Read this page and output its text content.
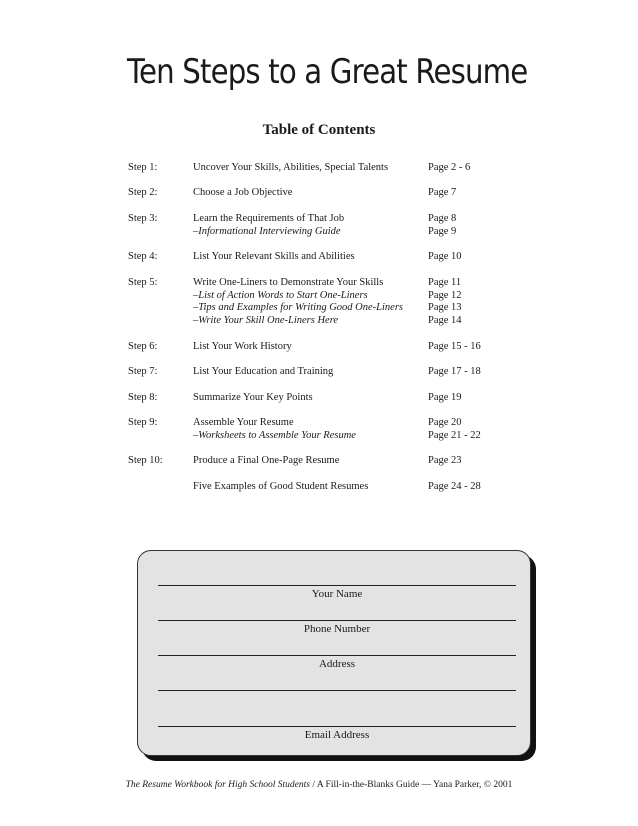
Ten Steps to a Great Resume
Table of Contents
Step 1:	Uncover Your Skills, Abilities, Special Talents	Page 2 - 6
Step 2:	Choose a Job Objective	Page 7
Step 3:	Learn the Requirements of That Job	Page 8
–Informational Interviewing Guide	Page 9
Step 4:	List Your Relevant Skills and Abilities	Page 10
Step 5:	Write One-Liners to Demonstrate Your Skills	Page 11
–List of Action Words to Start One-Liners	Page 12
–Tips and Examples for Writing Good One-Liners Page 13
–Write Your Skill One-Liners Here	Page 14
Step 6:	List Your Work History	Page 15 - 16
Step 7:	List Your Education and Training	Page 17 - 18
Step 8:	Summarize Your Key Points	Page 19
Step 9:	Assemble Your Resume	Page 20
–Worksheets to Assemble Your Resume	Page 21 - 22
Step 10:	Produce a Final One-Page Resume	Page 23
Five Examples of Good Student Resumes	Page 24 - 28
Your Name
Phone Number
Address
Email Address
The Resume Workbook for High School Students / A Fill-in-the-Blanks Guide — Yana Parker, © 2001
